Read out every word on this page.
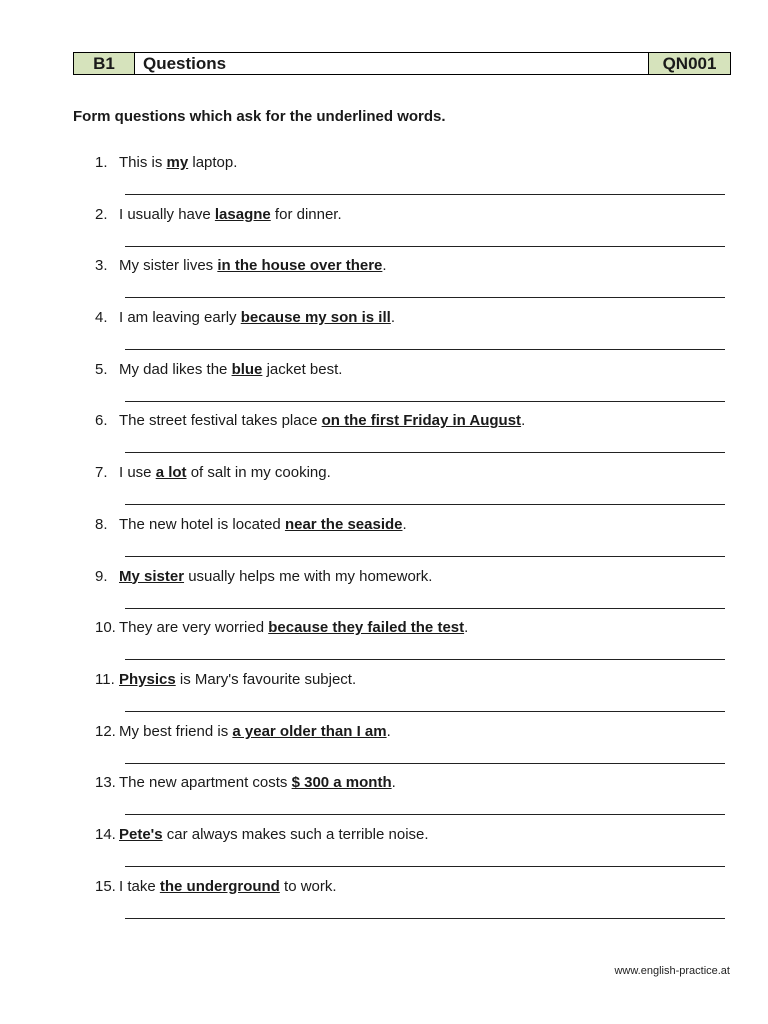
B1	Questions	QN001
Form questions which ask for the underlined words.
1. This is my laptop.
2. I usually have lasagne for dinner.
3. My sister lives in the house over there.
4. I am leaving early because my son is ill.
5. My dad likes the blue jacket best.
6. The street festival takes place on the first Friday in August.
7. I use a lot of salt in my cooking.
8. The new hotel is located near the seaside.
9. My sister usually helps me with my homework.
10. They are very worried because they failed the test.
11. Physics is Mary's favourite subject.
12. My best friend is a year older than I am.
13. The new apartment costs $ 300 a month.
14. Pete's car always makes such a terrible noise.
15. I take the underground to work.
www.english-practice.at
